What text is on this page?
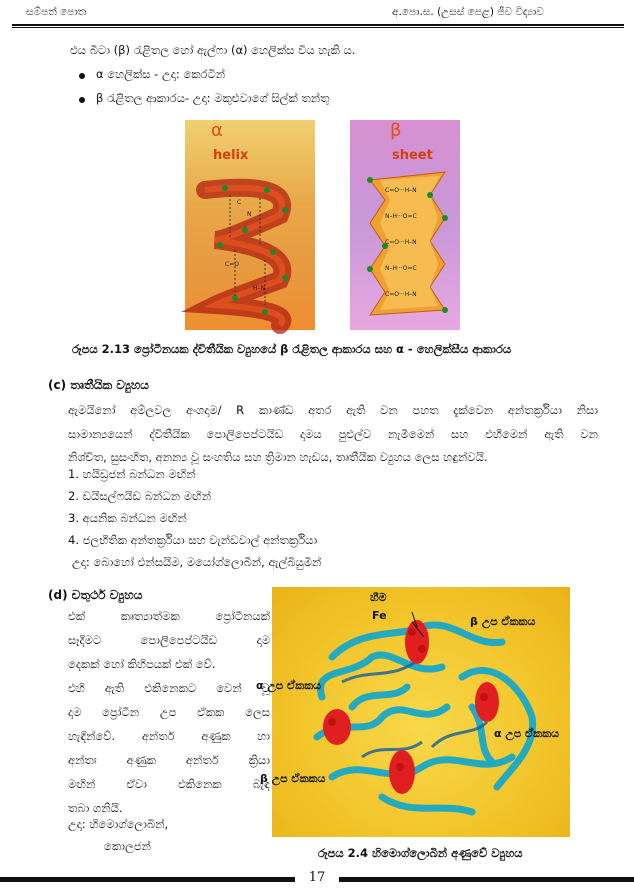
සම්පත් පොත	අ.පො.ස. (උසස් පෙළ) ජීව විද්‍යාව
එය බීටා (β) රැළිතල හෝ ඇල්ෆා (α) හෙලික්ස විය හැකි ය.
α හෙලික්ස - උදා: කෙරටින්
β රැළිතල ආකාරය- උදා: මකුළුවාගේ සිල්ක් තන්තු
C
N
C=O
H–N
α
helix
C=O···H–N
N–H···O=C
C=O···H–N
N–H···O=C
C=O···H–N
β
sheet
රූපය 2.13 ප්‍රෝටීනයක ද්විතීයික ව්‍යුහයේ β රැළිතල ආකාරය සහ α - හෙලික්සීය ආකාරය
(c) තෘතීයික ව්‍යුහය
ඇමයිනෝ අම්ලවල අංගදාම/ R කාණ්ඩ අතර ඇති වන පහත දැක්වෙන අන්තර්ක්‍රියා නිසා
සාමාන්‍යයෙන් ද්විතීයික පොලිපෙප්ටයිඩ දාමය පුළුල්ව නැමීමෙන් සහ එහීමෙන් ඇති වන
නිශ්චිත, සුසංහිත, අනන්‍ය වූ සංහතිය සහ ත්‍රිමාන හැඩය, තෘතීයික ව්‍යුහය ලෙස හඳුන්වයි.
1. හයිඩ්‍රජන් බන්ධන මඟින්
2. ඩයිසල්ෆයිඩ බන්ධන මඟින්
3. අයනික බන්ධන මඟින්
4. ජලභීතික අන්තර්ක්‍රියා සහ වැන්ඩවාල් අන්තර්ක්‍රියා
උදා: බොහෝ එන්සයිම, මයෝග්ලොබීන්, ඇල්බියුමින්
(d) චතුර්ථ ව්‍යුහය
එක් කෘත්‍යාත්මක ප්‍රෝටීනයක්
සෑදීමට පොලිපෙප්ටයිඩ දාම
දෙකක් හෝ කිහිපයක් එක් වේ.
එහි ඇති එකිනෙකට වෙන් වූ
දාම ප්‍රෝටීන උප ඒකක ලෙස
හැඳින්වේ. අන්තර් අණුක හා
අන්තඃ අණුක අන්තර් ක්‍රියා
මඟින් ඒවා එකිනෙක බැඳ
තබා ගනියි.
උදා: හිමොග්ලොබින්,
කොලජන්
හීම
Fe	β උප ඒකකය
α උප ඒකකය
α උප ඒකකය
β උප ඒකකය
රූපය 2.4 හිමොග්ලොබින් අණුවේ ව්‍යුහය
17
